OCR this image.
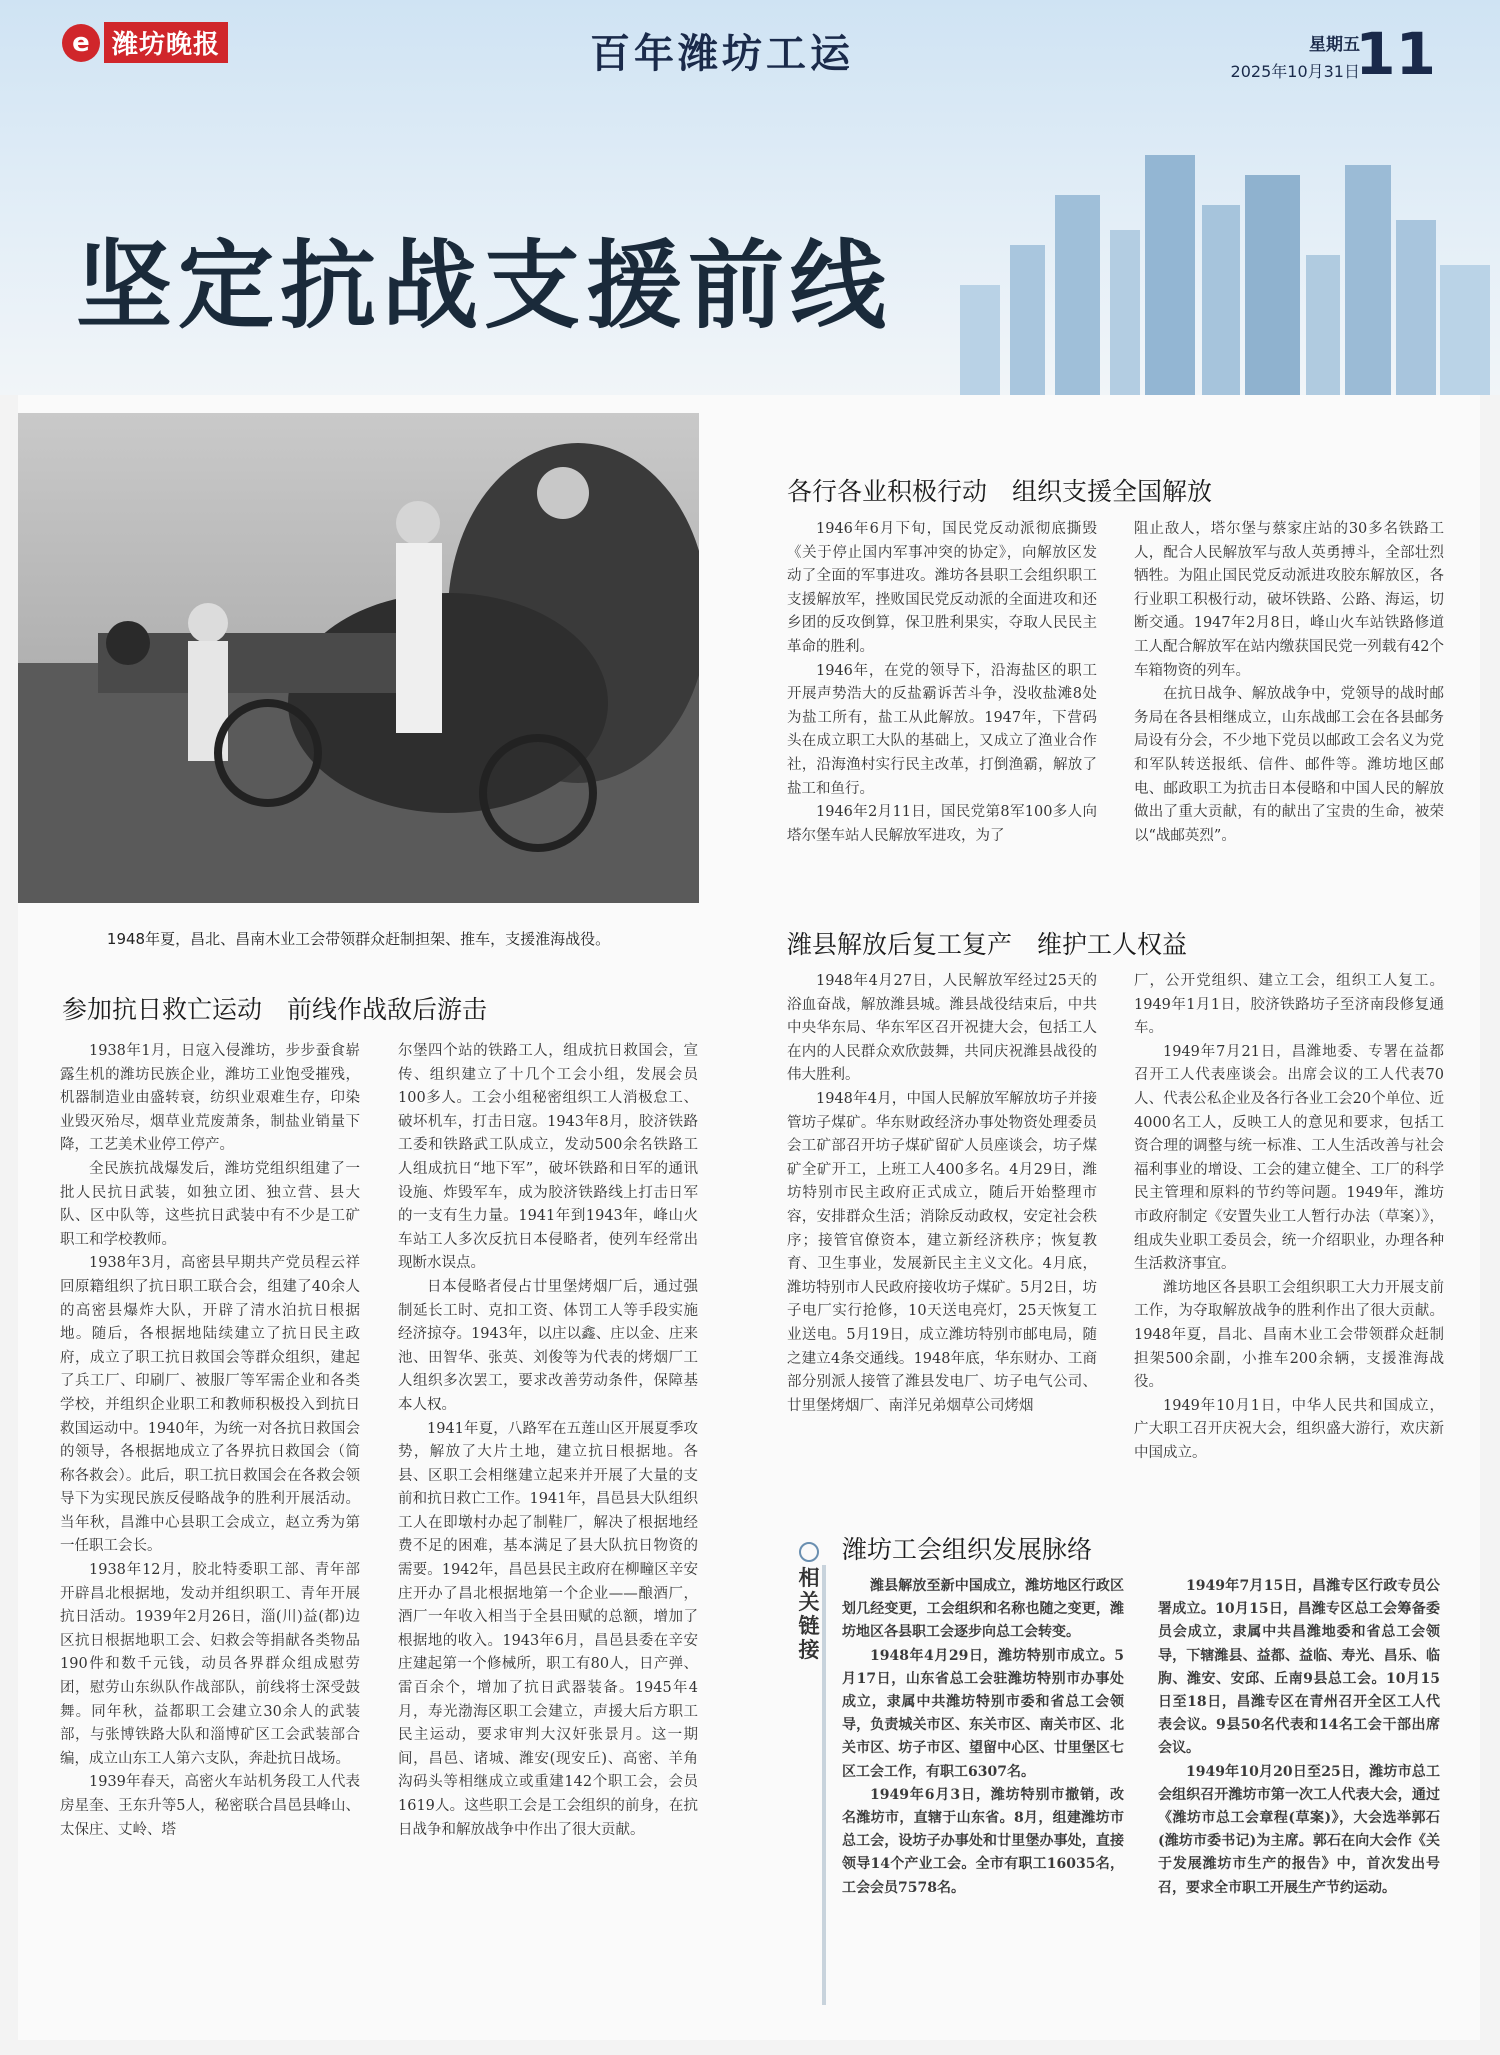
e 潍坊晚报	百年潍坊工运	星期五
2025年10月31日
11
坚定抗战支援前线
1948年夏，昌北、昌南木业工会带领群众赶制担架、推车，支援淮海战役。
参加抗日救亡运动　前线作战敌后游击

1938年1月，日寇入侵潍坊，步步蚕食崭露生机的潍坊民族企业，潍坊工业饱受摧残，机器制造业由盛转衰，纺织业艰难生存，印染业毁灭殆尽，烟草业荒废萧条，制盐业销量下降，工艺美术业停工停产。

全民族抗战爆发后，潍坊党组织组建了一批人民抗日武装，如独立团、独立营、县大队、区中队等，这些抗日武装中有不少是工矿职工和学校教师。

1938年3月，高密县早期共产党员程云祥回原籍组织了抗日职工联合会，组建了40余人的高密县爆炸大队，开辟了清水泊抗日根据地。随后，各根据地陆续建立了抗日民主政府，成立了职工抗日救国会等群众组织，建起了兵工厂、印刷厂、被服厂等军需企业和各类学校，并组织企业职工和教师积极投入到抗日救国运动中。1940年，为统一对各抗日救国会的领导，各根据地成立了各界抗日救国会（简称各救会）。此后，职工抗日救国会在各救会领导下为实现民族反侵略战争的胜利开展活动。当年秋，昌潍中心县职工会成立，赵立秀为第一任职工会长。

1938年12月，胶北特委职工部、青年部开辟昌北根据地，发动并组织职工、青年开展抗日活动。1939年2月26日，淄(川)益(都)边区抗日根据地职工会、妇救会等捐献各类物品190件和数千元钱，动员各界群众组成慰劳团，慰劳山东纵队作战部队，前线将士深受鼓舞。同年秋，益都职工会建立30余人的武装部，与张博铁路大队和淄博矿区工会武装部合编，成立山东工人第六支队，奔赴抗日战场。

1939年春天，高密火车站机务段工人代表房星奎、王东升等5人，秘密联合昌邑县峰山、太保庄、丈岭、塔

尔堡四个站的铁路工人，组成抗日救国会，宣传、组织建立了十几个工会小组，发展会员100多人。工会小组秘密组织工人消极怠工、破坏机车，打击日寇。1943年8月，胶济铁路工委和铁路武工队成立，发动500余名铁路工人组成抗日“地下军”，破坏铁路和日军的通讯设施、炸毁军车，成为胶济铁路线上打击日军的一支有生力量。1941年到1943年，峰山火车站工人多次反抗日本侵略者，使列车经常出现断水误点。

日本侵略者侵占廿里堡烤烟厂后，通过强制延长工时、克扣工资、体罚工人等手段实施经济掠夺。1943年，以庄以鑫、庄以金、庄来池、田智华、张英、刘俊等为代表的烤烟厂工人组织多次罢工，要求改善劳动条件，保障基本人权。

1941年夏，八路军在五莲山区开展夏季攻势，解放了大片土地，建立抗日根据地。各县、区职工会相继建立起来并开展了大量的支前和抗日救亡工作。1941年，昌邑县大队组织工人在即墩村办起了制鞋厂，解决了根据地经费不足的困难，基本满足了县大队抗日物资的需要。1942年，昌邑县民主政府在柳疃区辛安庄开办了昌北根据地第一个企业——酿酒厂，酒厂一年收入相当于全县田赋的总额，增加了根据地的收入。1943年6月，昌邑县委在辛安庄建起第一个修械所，职工有80人，日产弹、雷百余个，增加了抗日武器装备。1945年4月，寿光渤海区职工会建立，声援大后方职工民主运动，要求审判大汉奸张景月。这一期间，昌邑、诸城、潍安(现安丘)、高密、羊角沟码头等相继成立或重建142个职工会，会员1619人。这些职工会是工会组织的前身，在抗日战争和解放战争中作出了很大贡献。

各行各业积极行动　组织支援全国解放

1946年6月下旬，国民党反动派彻底撕毁《关于停止国内军事冲突的协定》，向解放区发动了全面的军事进攻。潍坊各县职工会组织职工支援解放军，挫败国民党反动派的全面进攻和还乡团的反攻倒算，保卫胜利果实，夺取人民民主革命的胜利。

1946年，在党的领导下，沿海盐区的职工开展声势浩大的反盐霸诉苦斗争，没收盐滩8处为盐工所有，盐工从此解放。1947年，下营码头在成立职工大队的基础上，又成立了渔业合作社，沿海渔村实行民主改革，打倒渔霸，解放了盐工和鱼行。

1946年2月11日，国民党第8军100多人向塔尔堡车站人民解放军进攻，为了

阻止敌人，塔尔堡与蔡家庄站的30多名铁路工人，配合人民解放军与敌人英勇搏斗，全部壮烈牺牲。为阻止国民党反动派进攻胶东解放区，各行业职工积极行动，破坏铁路、公路、海运，切断交通。1947年2月8日，峰山火车站铁路修道工人配合解放军在站内缴获国民党一列载有42个车箱物资的列车。

在抗日战争、解放战争中，党领导的战时邮务局在各县相继成立，山东战邮工会在各县邮务局设有分会，不少地下党员以邮政工会名义为党和军队转送报纸、信件、邮件等。潍坊地区邮电、邮政职工为抗击日本侵略和中国人民的解放做出了重大贡献，有的献出了宝贵的生命，被荣以“战邮英烈”。

潍县解放后复工复产　维护工人权益

1948年4月27日，人民解放军经过25天的浴血奋战，解放潍县城。潍县战役结束后，中共中央华东局、华东军区召开祝捷大会，包括工人在内的人民群众欢欣鼓舞，共同庆祝潍县战役的伟大胜利。

1948年4月，中国人民解放军解放坊子并接管坊子煤矿。华东财政经济办事处物资处理委员会工矿部召开坊子煤矿留矿人员座谈会，坊子煤矿全矿开工，上班工人400多名。4月29日，潍坊特别市民主政府正式成立，随后开始整理市容，安排群众生活；消除反动政权，安定社会秩序；接管官僚资本，建立新经济秩序；恢复教育、卫生事业，发展新民主主义文化。4月底，潍坊特别市人民政府接收坊子煤矿。5月2日，坊子电厂实行抢修，10天送电亮灯，25天恢复工业送电。5月19日，成立潍坊特别市邮电局，随之建立4条交通线。1948年底，华东财办、工商部分别派人接管了潍县发电厂、坊子电气公司、廿里堡烤烟厂、南洋兄弟烟草公司烤烟

厂，公开党组织、建立工会，组织工人复工。1949年1月1日，胶济铁路坊子至济南段修复通车。

1949年7月21日，昌潍地委、专署在益都召开工人代表座谈会。出席会议的工人代表70人、代表公私企业及各行各业工会20个单位、近4000名工人，反映工人的意见和要求，包括工资合理的调整与统一标准、工人生活改善与社会福利事业的增设、工会的建立健全、工厂的科学民主管理和原料的节约等问题。1949年，潍坊市政府制定《安置失业工人暂行办法（草案）》，组成失业职工委员会，统一介绍职业，办理各种生活救济事宜。

潍坊地区各县职工会组织职工大力开展支前工作，为夺取解放战争的胜利作出了很大贡献。1948年夏，昌北、昌南木业工会带领群众赶制担架500余副，小推车200余辆，支援淮海战役。

1949年10月1日，中华人民共和国成立，广大职工召开庆祝大会，组织盛大游行，欢庆新中国成立。

相关链接
潍坊工会组织发展脉络

潍县解放至新中国成立，潍坊地区行政区划几经变更，工会组织和名称也随之变更，潍坊地区各县职工会逐步向总工会转变。

1948年4月29日，潍坊特别市成立。5月17日，山东省总工会驻潍坊特别市办事处成立，隶属中共潍坊特别市委和省总工会领导，负责城关市区、东关市区、南关市区、北关市区、坊子市区、望留中心区、廿里堡区七区工会工作，有职工6307名。

1949年6月3日，潍坊特别市撤销，改名潍坊市，直辖于山东省。8月，组建潍坊市总工会，设坊子办事处和廿里堡办事处，直接领导14个产业工会。全市有职工16035名，工会会员7578名。

1949年7月15日，昌潍专区行政专员公署成立。10月15日，昌潍专区总工会筹备委员会成立，隶属中共昌潍地委和省总工会领导，下辖潍县、益都、益临、寿光、昌乐、临朐、潍安、安邱、丘南9县总工会。10月15日至18日，昌潍专区在青州召开全区工人代表会议。9县50名代表和14名工会干部出席会议。

1949年10月20日至25日，潍坊市总工会组织召开潍坊市第一次工人代表大会，通过《潍坊市总工会章程(草案)》，大会选举郭石(潍坊市委书记)为主席。郭石在向大会作《关于发展潍坊市生产的报告》中，首次发出号召，要求全市职工开展生产节约运动。
